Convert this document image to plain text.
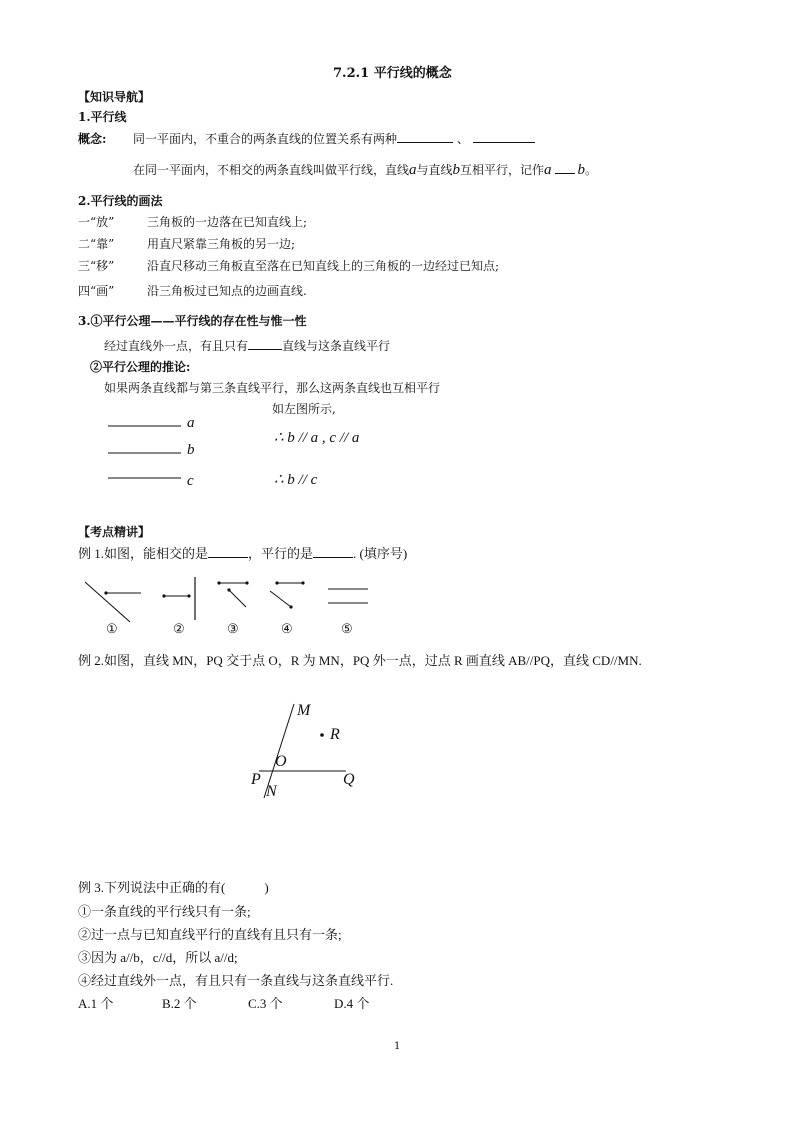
7.2.1 平行线的概念
【知识导航】
1.平行线
概念: 同一平面内，不重合的两条直线的位置关系有两种	、
在同一平面内，不相交的两条直线叫做平行线，直线a与直线b互相平行，记作a b。
2.平行线的画法
一“放”	三角板的一边落在已知直线上;
二“靠”	用直尺紧靠三角板的另一边;
三“移”	沿直尺移动三角板直至落在已知直线上的三角板的一边经过已知点;
四“画”	沿三角板过已知点的边画直线.
3.①平行公理——平行线的存在性与惟一性
经过直线外一点，有且只有	直线与这条直线平行
②平行公理的推论:
如果两条直线都与第三条直线平行，那么这两条直线也互相平行
如左图所示,
a
b
c
∴ b // a , c // a
∴ b // c
【考点精讲】
例 1.如图，能相交的是	，平行的是	. (填序号)
①	②	③	④	⑤
例 2.如图，直线 MN，PQ 交于点 O，R 为 MN，PQ 外一点，过点 R 画直线 AB//PQ，直线 CD//MN.
M
R
O
P	Q
N
例 3.下列说法中正确的有(　　　)
①一条直线的平行线只有一条;
②过一点与已知直线平行的直线有且只有一条;
③因为 a//b，c//d，所以 a//d;
④经过直线外一点，有且只有一条直线与这条直线平行.
A.1 个	B.2 个	C.3 个	D.4 个
1
